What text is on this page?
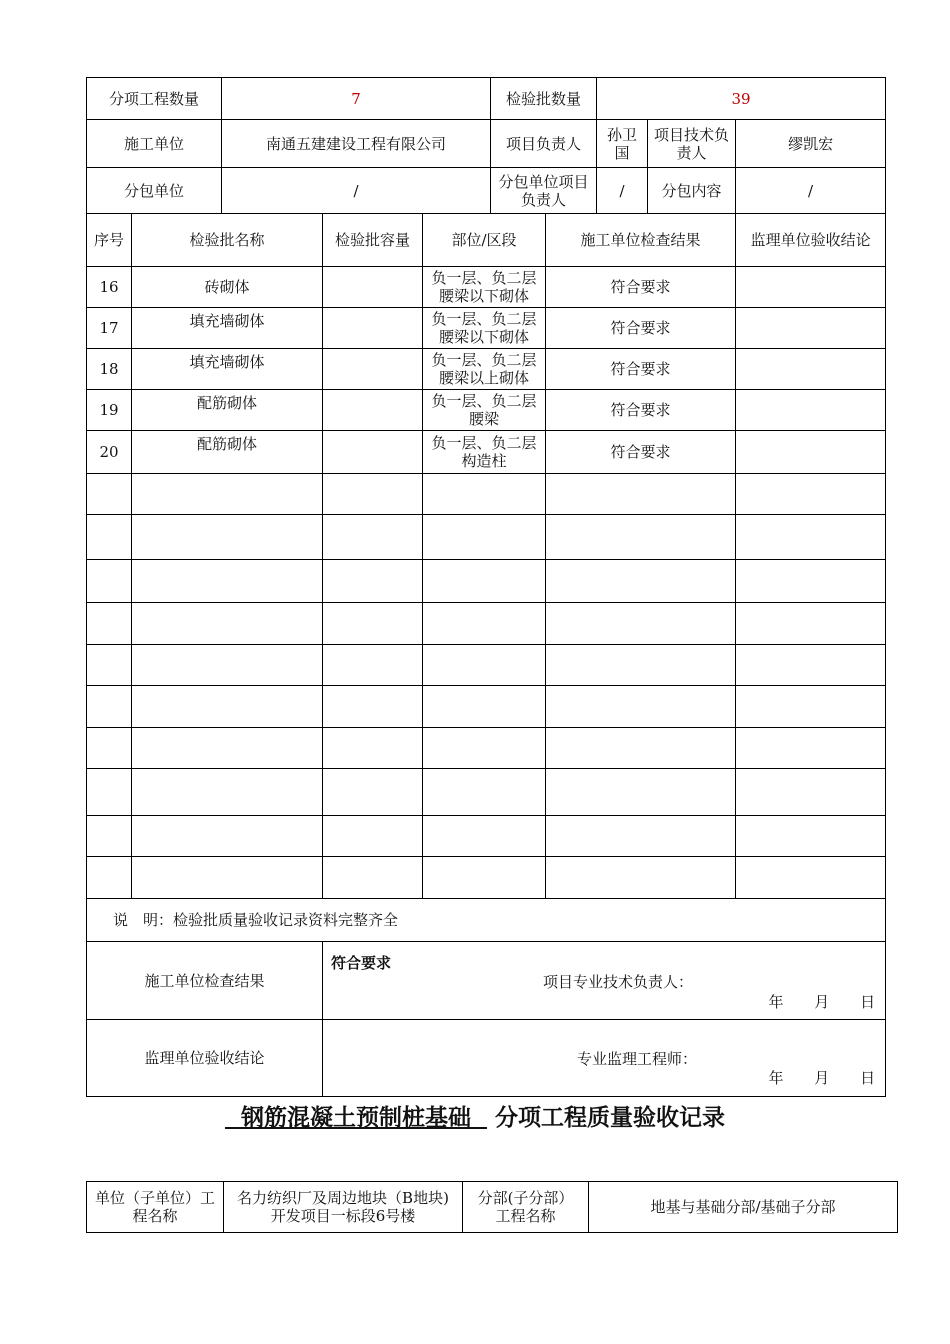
分项工程数量		7			检验批数量		39		
施工单位		南通五建建设工程有限公司			项目负责人		孙卫国	项目技术负责人	缪凯宏
分包单位		/			分包单位项目负责人		/	分包内容	/
序号	检验批名称		检验批容量	部位/区段		施工单位检查结果			监理单位验收结论
16	砖砌体			负一层、负二层腰梁以下砌体		符合要求			
17	填充墙砌体			负一层、负二层腰梁以下砌体		符合要求			
18	填充墙砌体			负一层、负二层腰梁以上砌体		符合要求			
19	配筋砌体			负一层、负二层腰梁		符合要求			
20	配筋砌体			负一层、负二层构造柱		符合要求			

说　明：检验批质量验收记录资料完整齐全									
施工单位检查结果			符合要求
项目专业技术负责人：
年 月 日						

监理单位验收结论			专业监理工程师：
年 月 日						
钢筋混凝土预制桩基础 分项工程质量验收记录
单位（子单位）工程名称	名力纺织厂及周边地块（B地块)开发项目一标段6号楼	分部(子分部）工程名称	地基与基础分部/基础子分部
